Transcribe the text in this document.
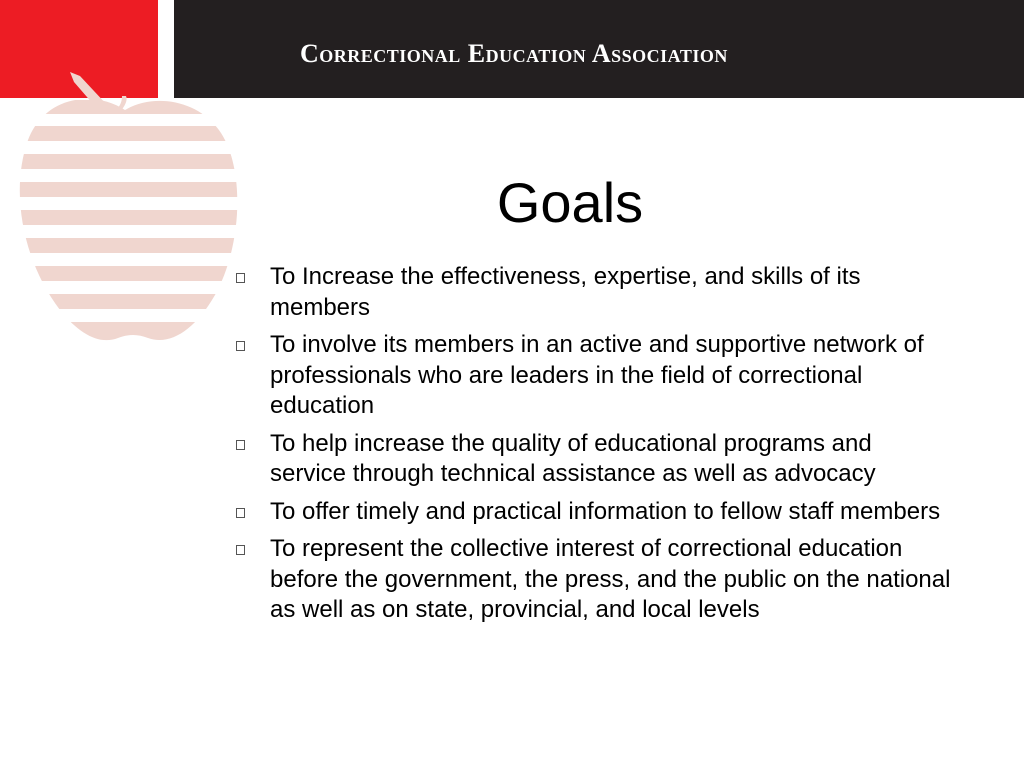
Correctional Education Association
Goals
To Increase the effectiveness, expertise, and skills of its members
To involve its members in an active and supportive network of professionals who are leaders in the field of correctional education
To help increase the quality of educational programs and service through technical assistance as well as advocacy
To offer timely and practical information to fellow staff members
To represent the collective interest of correctional education before the government, the press, and the public on the national as well as on state, provincial, and local levels
